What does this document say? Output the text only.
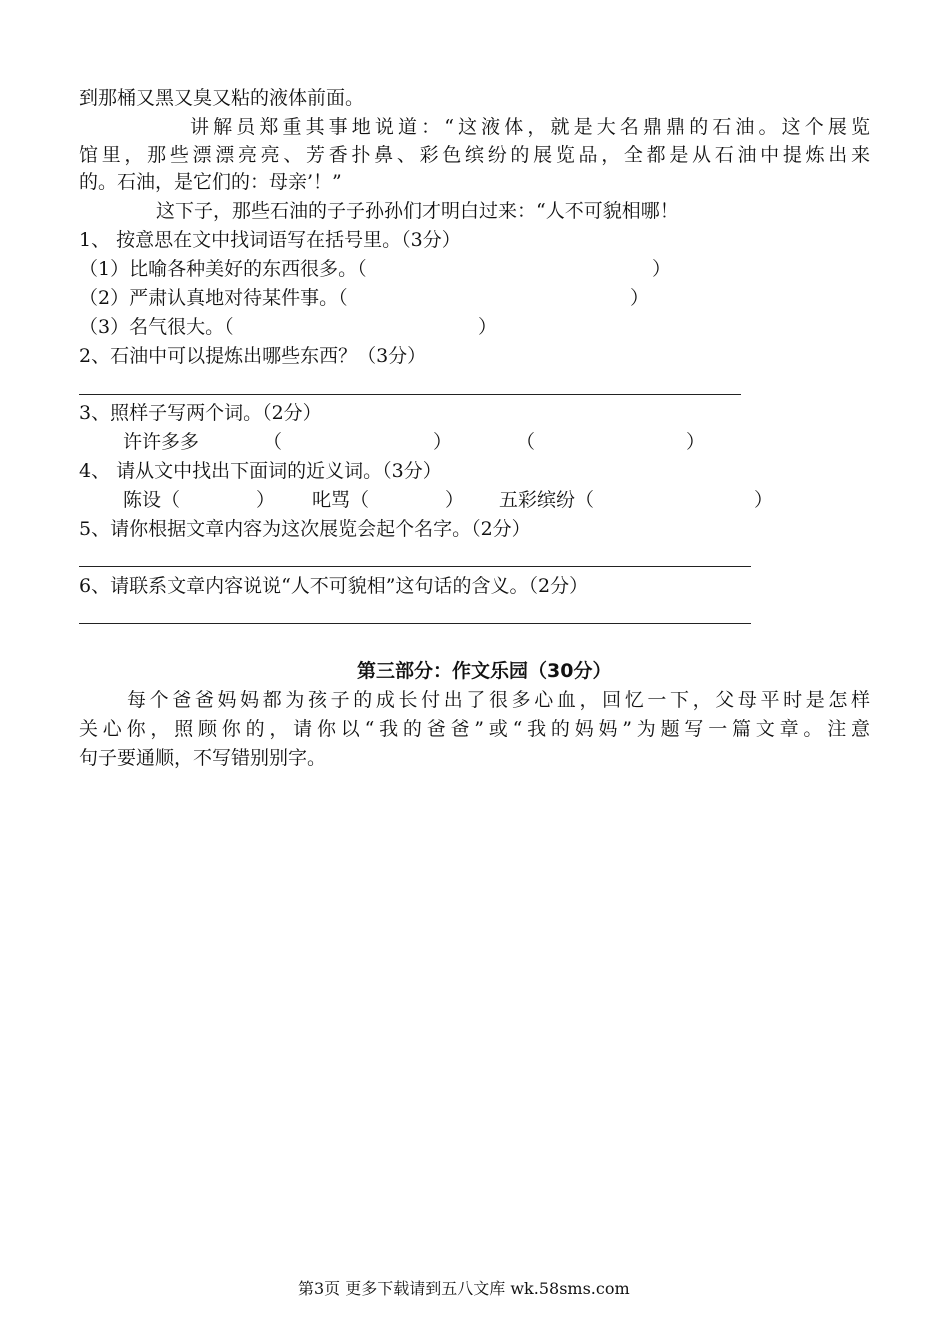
到那桶又黑又臭又粘的液体前面。
讲解员郑重其事地说道：“这液体，就是大名鼎鼎的石油。这个展览
馆里，那些漂漂亮亮、芳香扑鼻、彩色缤纷的展览品，全都是从石油中提炼出来
的。石油，是它们的：母亲’！”
这下子，那些石油的子子孙孙们才明白过来：“人不可貌相哪！
1、 按意思在文中找词语写在括号里。（3分）
（1）比喻各种美好的东西很多。（	）
（2）严肃认真地对待某件事。（	）
（3）名气很大。（	）
2、石油中可以提炼出哪些东西？（3分）
3、照样子写两个词。（2分）
许许多多	（	）	（	）
4、 请从文中找出下面词的近义词。（3分）
陈设（	） 叱骂（	） 五彩缤纷（	）
5、请你根据文章内容为这次展览会起个名字。（2分）
6、请联系文章内容说说“人不可貌相”这句话的含义。（2分）
第三部分：作文乐园（30分）
每个爸爸妈妈都为孩子的成长付出了很多心血，回忆一下，父母平时是怎样
关心你，照顾你的，请你以“我的爸爸”或“我的妈妈”为题写一篇文章。注意
句子要通顺，不写错别别字。
第3页 更多下载请到五八文库 wk.58sms.com
